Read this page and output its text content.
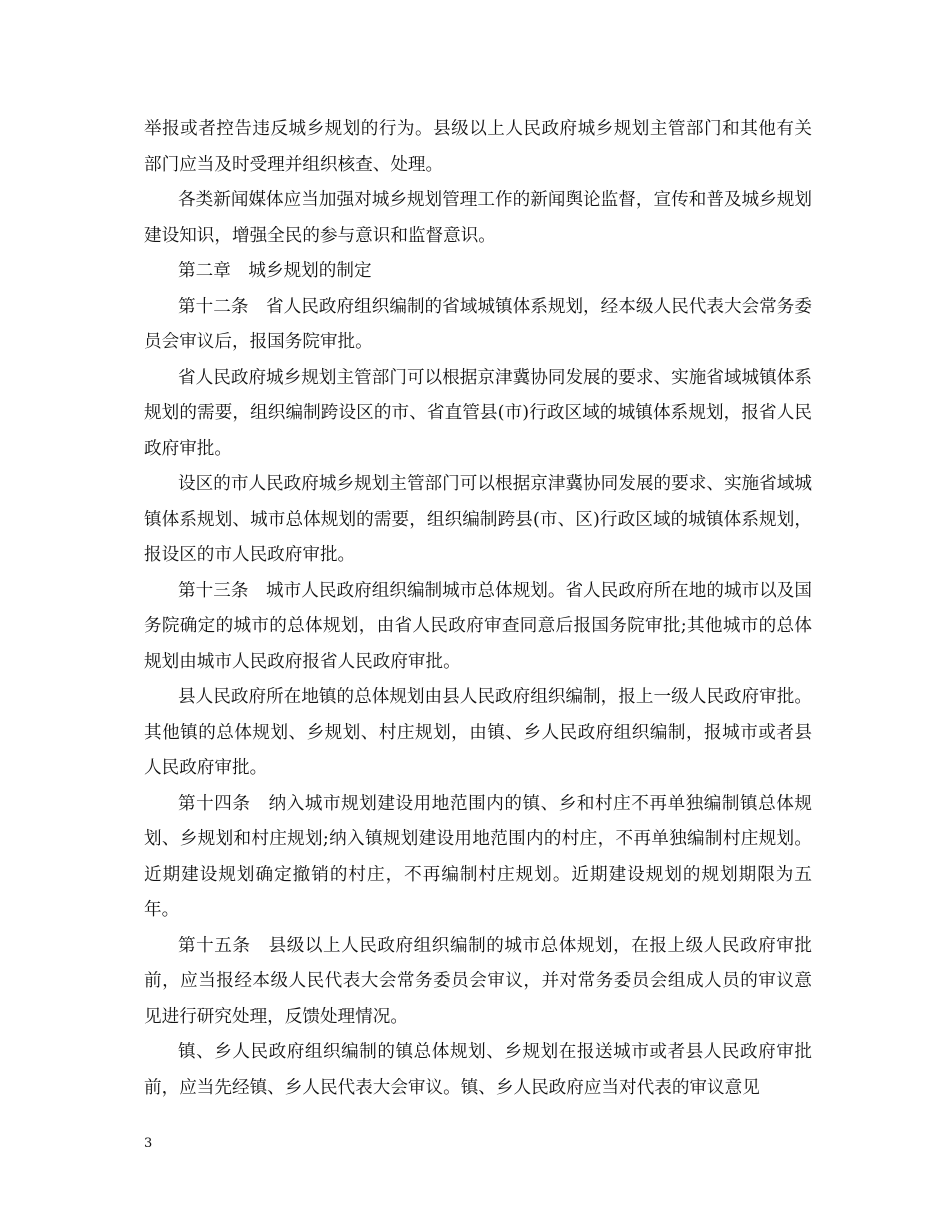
举报或者控告违反城乡规划的行为。县级以上人民政府城乡规划主管部门和其他有关部门应当及时受理并组织核查、处理。

各类新闻媒体应当加强对城乡规划管理工作的新闻舆论监督，宣传和普及城乡规划建设知识，增强全民的参与意识和监督意识。

第二章　城乡规划的制定

第十二条　省人民政府组织编制的省域城镇体系规划，经本级人民代表大会常务委员会审议后，报国务院审批。

省人民政府城乡规划主管部门可以根据京津冀协同发展的要求、实施省域城镇体系规划的需要，组织编制跨设区的市、省直管县(市)行政区域的城镇体系规划，报省人民政府审批。

设区的市人民政府城乡规划主管部门可以根据京津冀协同发展的要求、实施省域城镇体系规划、城市总体规划的需要，组织编制跨县(市、区)行政区域的城镇体系规划，报设区的市人民政府审批。

第十三条　城市人民政府组织编制城市总体规划。省人民政府所在地的城市以及国务院确定的城市的总体规划，由省人民政府审查同意后报国务院审批;其他城市的总体规划由城市人民政府报省人民政府审批。

县人民政府所在地镇的总体规划由县人民政府组织编制，报上一级人民政府审批。其他镇的总体规划、乡规划、村庄规划，由镇、乡人民政府组织编制，报城市或者县人民政府审批。

第十四条　纳入城市规划建设用地范围内的镇、乡和村庄不再单独编制镇总体规划、乡规划和村庄规划;纳入镇规划建设用地范围内的村庄，不再单独编制村庄规划。近期建设规划确定撤销的村庄，不再编制村庄规划。近期建设规划的规划期限为五年。

第十五条　县级以上人民政府组织编制的城市总体规划，在报上级人民政府审批前，应当报经本级人民代表大会常务委员会审议，并对常务委员会组成人员的审议意见进行研究处理，反馈处理情况。

镇、乡人民政府组织编制的镇总体规划、乡规划在报送城市或者县人民政府审批前，应当先经镇、乡人民代表大会审议。镇、乡人民政府应当对代表的审议意见

3
